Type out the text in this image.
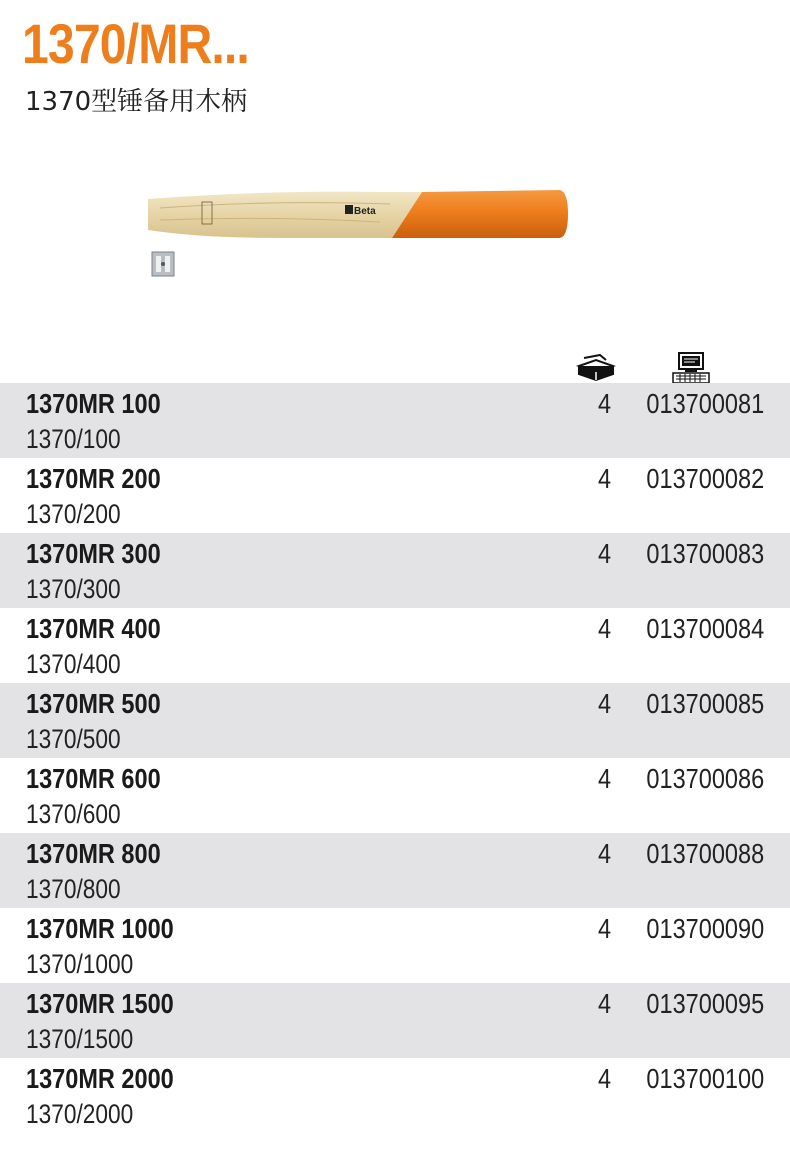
1370/MR...
1370型锤备用木柄
Beta
1370MR 100
1370/100
4 013700081
1370MR 200
1370/200
4 013700082
1370MR 300
1370/300
4 013700083
1370MR 400
1370/400
4 013700084
1370MR 500
1370/500
4 013700085
1370MR 600
1370/600
4 013700086
1370MR 800
1370/800
4 013700088
1370MR 1000
1370/1000
4 013700090
1370MR 1500
1370/1500
4 013700095
1370MR 2000
1370/2000
4 013700100
